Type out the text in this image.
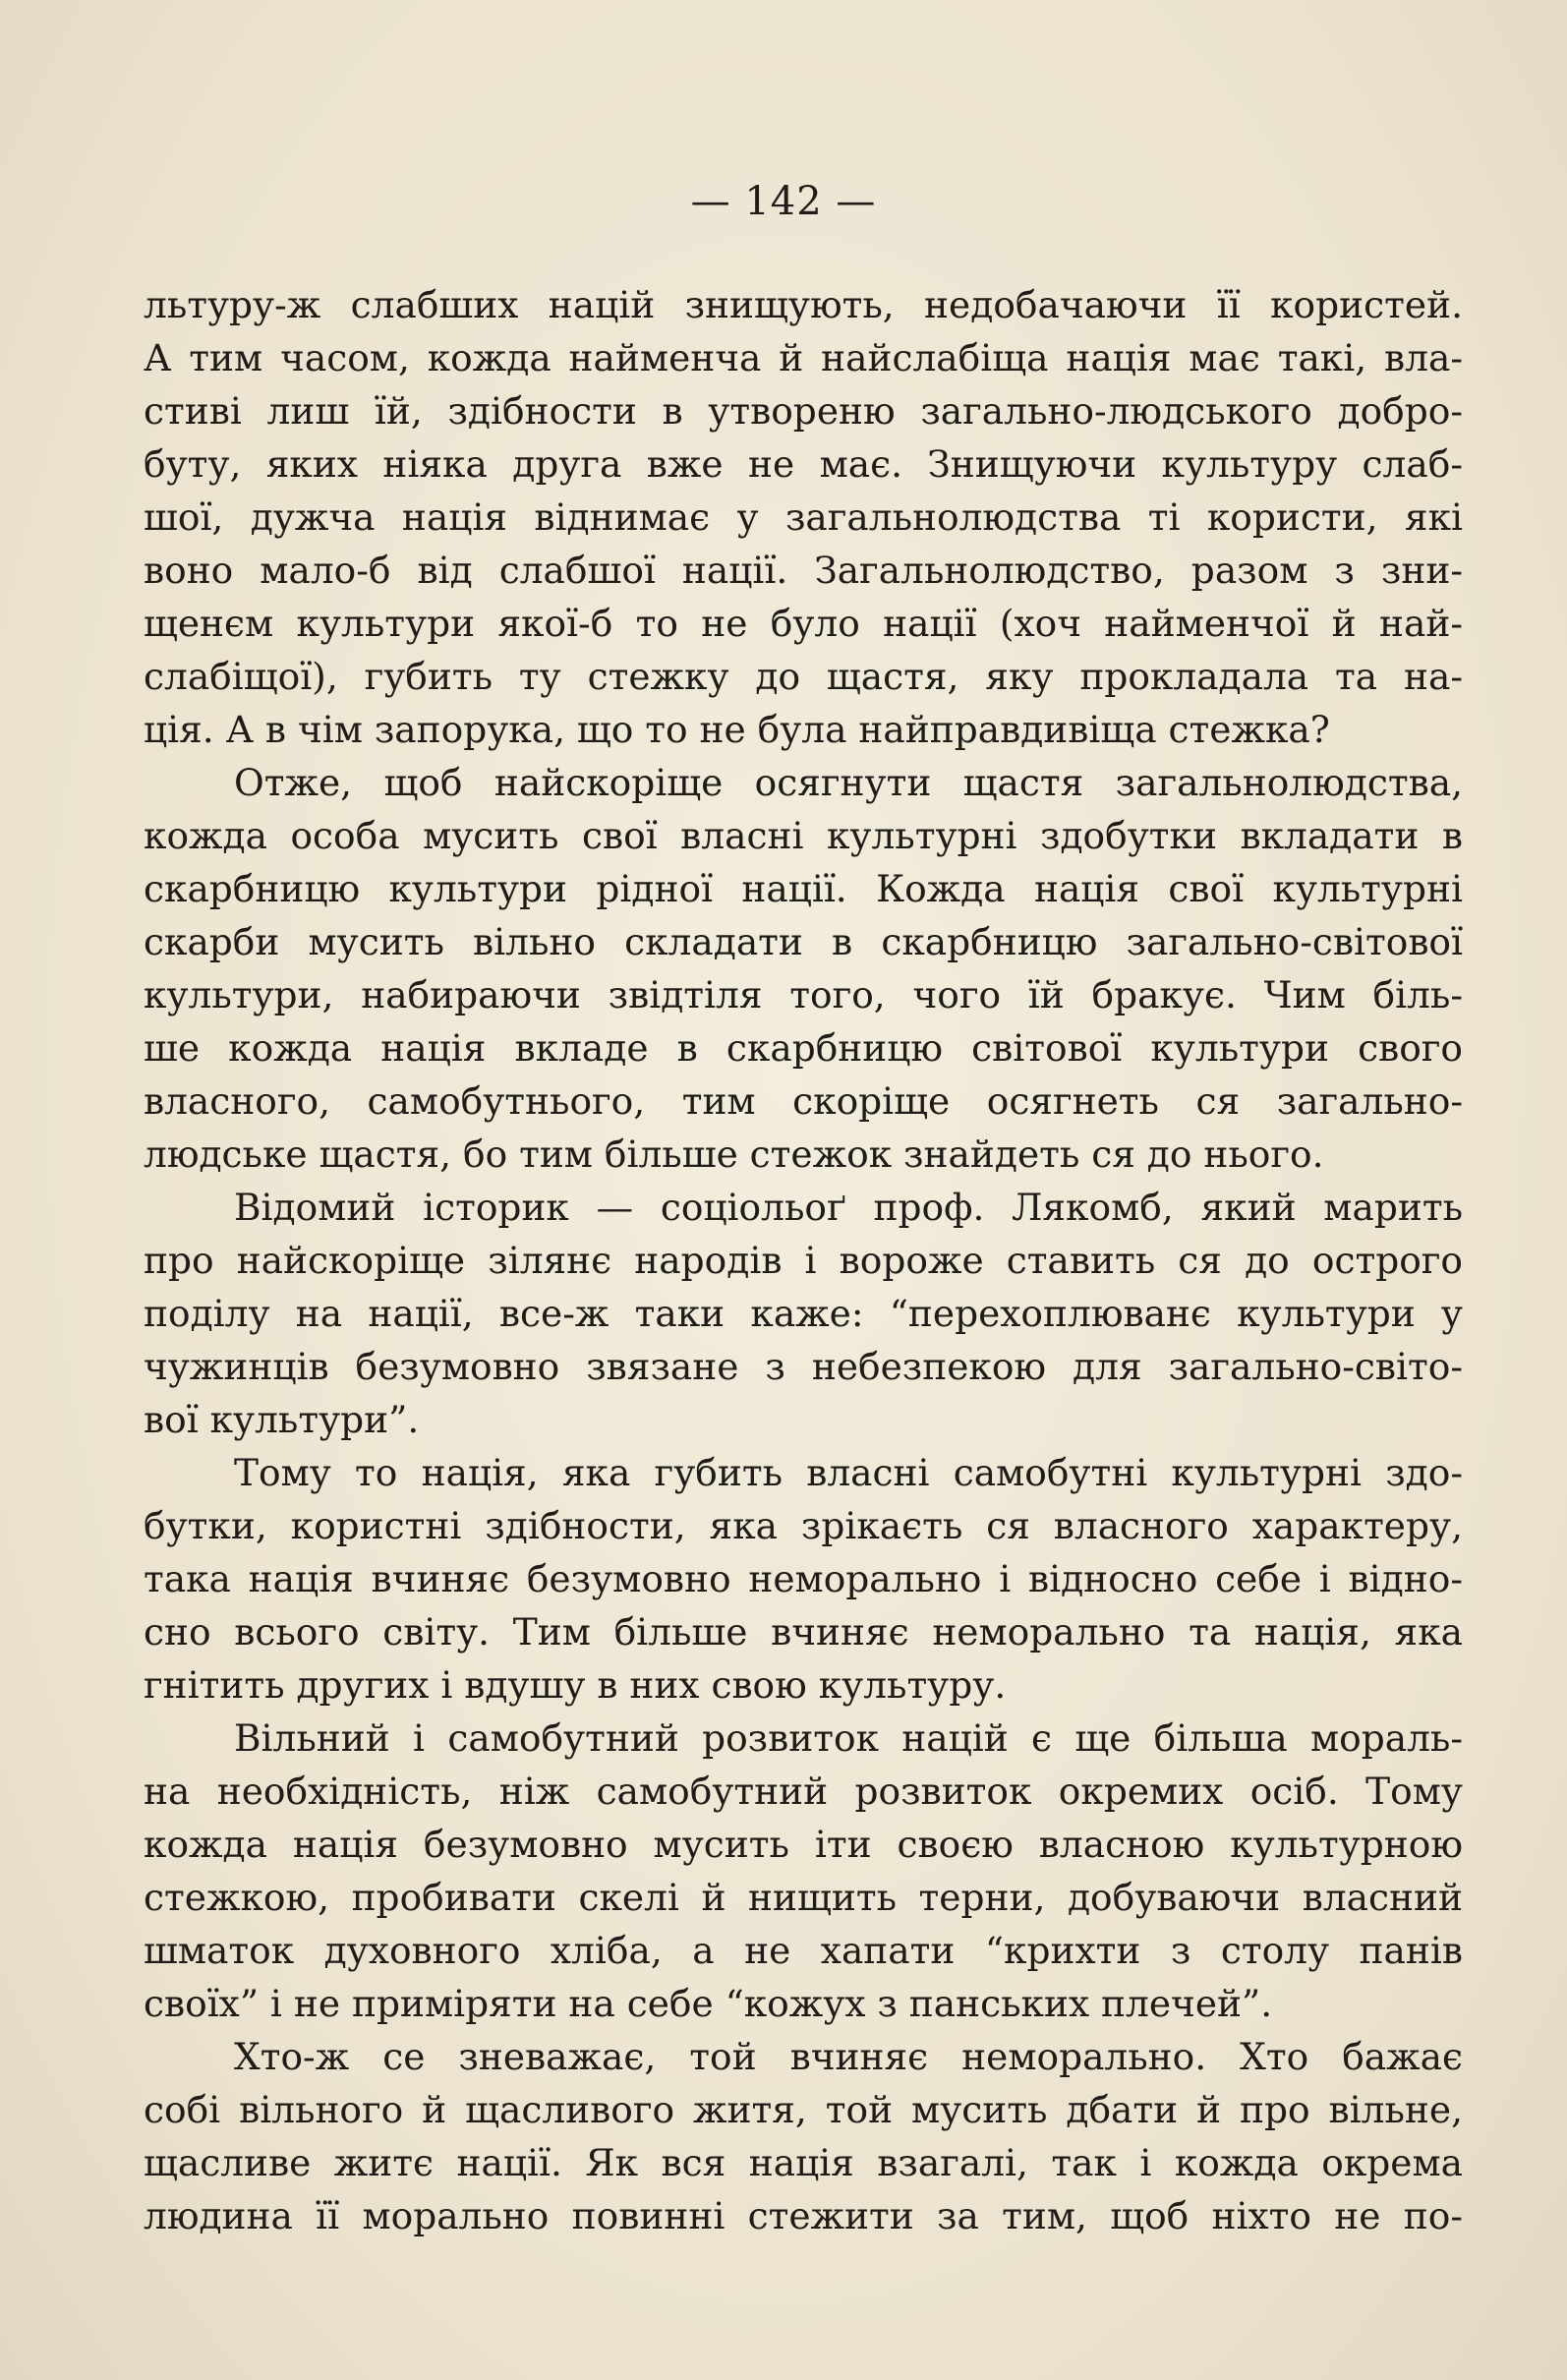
— 142 —
льтуру-ж слабших націй знищують, недобачаючи її користей.
А тим часом, кожда найменча й найслабіща нація має такі, вла-
стиві лиш їй, здібности в утвореню загально-людського добро-
буту, яких ніяка друга вже не має. Знищуючи культуру слаб-
шої, дужча нація віднимає у загальнолюдства ті користи, які
воно мало-б від слабшої нації. Загальнолюдство, разом з зни-
щенєм культури якої-б то не було нації (хоч найменчої й най-
слабіщої), губить ту стежку до щастя, яку прокладала та на-
ція. А в чім запорука, що то не була найправдивіща стежка?
Отже, щоб найскоріще осягнути щастя загальнолюдства,
кожда особа мусить свої власні культурні здобутки вкладати в
скарбницю культури рідної нації. Кожда нація свої культурні
скарби мусить вільно складати в скарбницю загально-світової
культури, набираючи звідтіля того, чого їй бракує. Чим біль-
ше кожда нація вкладе в скарбницю світової культури свого
власного, самобутнього, тим скоріще осягнеть ся загально-
людське щастя, бо тим більше стежок знайдеть ся до нього.
Відомий історик — соціольоґ проф. Лякомб, який марить
про найскоріще зілянє народів і вороже ставить ся до острого
поділу на нації, все-ж таки каже: “перехоплюванє культури у
чужинців безумовно звязане з небезпекою для загально-світо-
вої культури”.
Тому то нація, яка губить власні самобутні культурні здо-
бутки, користні здібности, яка зрікаєть ся власного характеру,
така нація вчиняє безумовно неморально і відносно себе і відно-
сно всього світу. Тим більше вчиняє неморально та нація, яка
гнітить других і вдушу в них свою культуру.
Вільний і самобутний розвиток націй є ще більша мораль-
на необхідність, ніж самобутний розвиток окремих осіб. Тому
кожда нація безумовно мусить іти своєю власною культурною
стежкою, пробивати скелі й нищить терни, добуваючи власний
шматок духовного хліба, а не хапати “крихти з столу панів
своїх” і не приміряти на себе “кожух з панських плечей”.
Хто-ж се зневажає, той вчиняє неморально. Хто бажає
собі вільного й щасливого житя, той мусить дбати й про вільне,
щасливе житє нації. Як вся нація взагалі, так і кожда окрема
людина її морально повинні стежити за тим, щоб ніхто не по-
